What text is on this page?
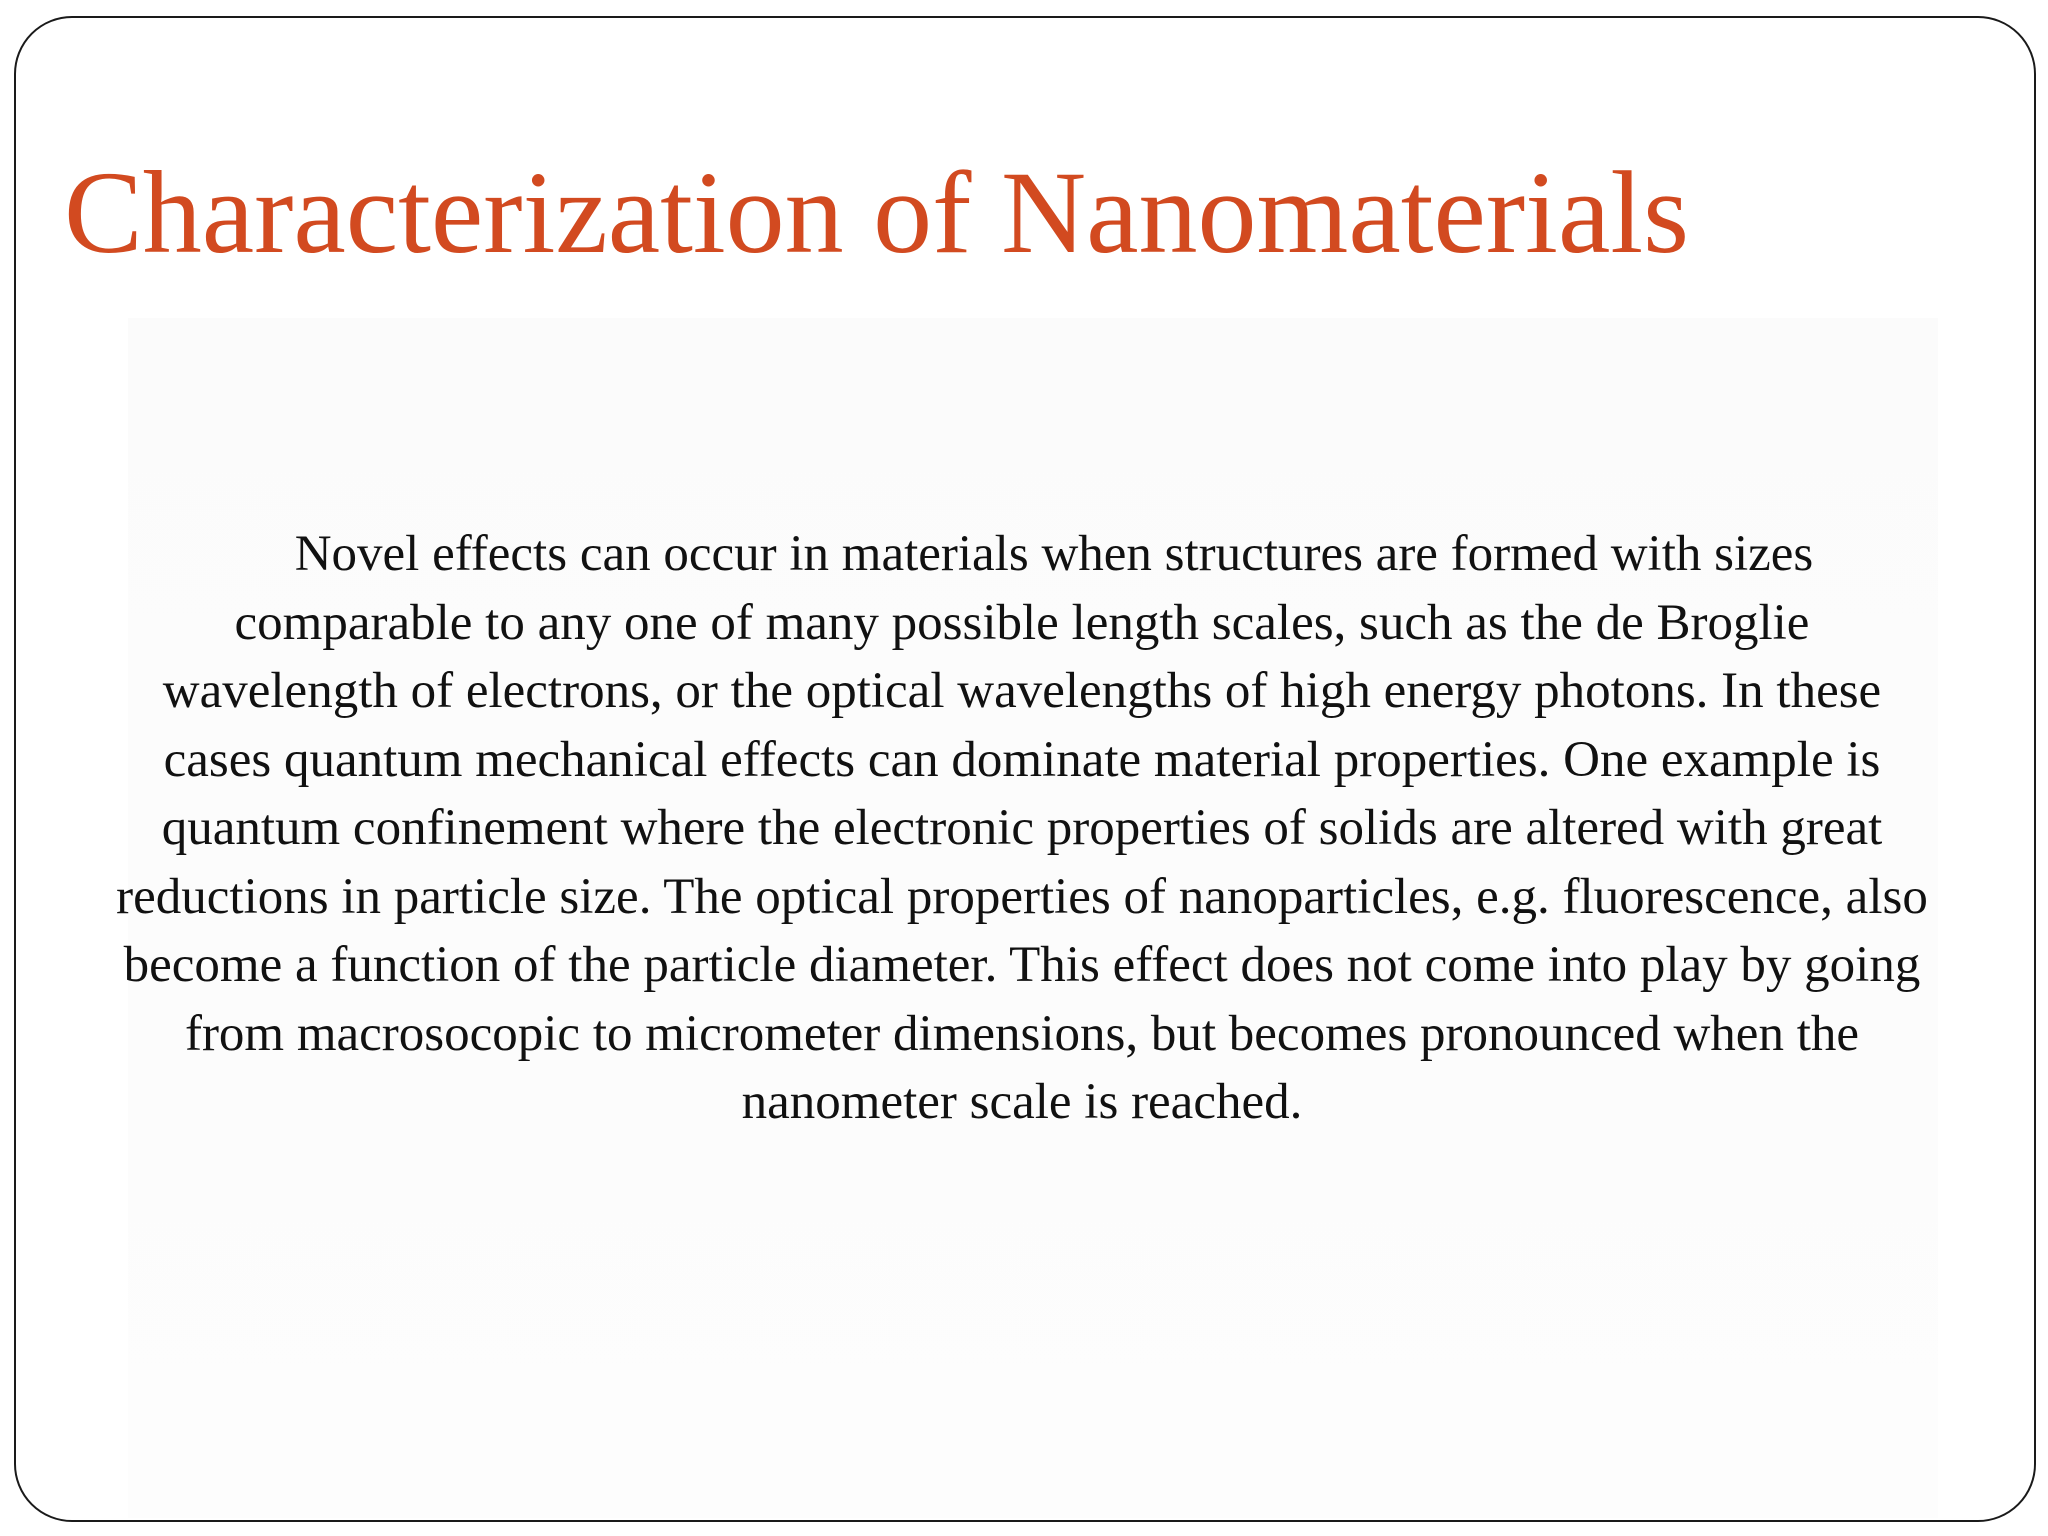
Characterization of Nanomaterials

Novel effects can occur in materials when structures are formed with sizes comparable to any one of many possible length scales, such as the de Broglie wavelength of electrons, or the optical wavelengths of high energy photons. In these cases quantum mechanical effects can dominate material properties. One example is quantum confinement where the electronic properties of solids are altered with great reductions in particle size. The optical properties of nanoparticles, e.g. fluorescence, also become a function of the particle diameter. This effect does not come into play by going from macrosocopic to micrometer dimensions, but becomes pronounced when the nanometer scale is reached.
